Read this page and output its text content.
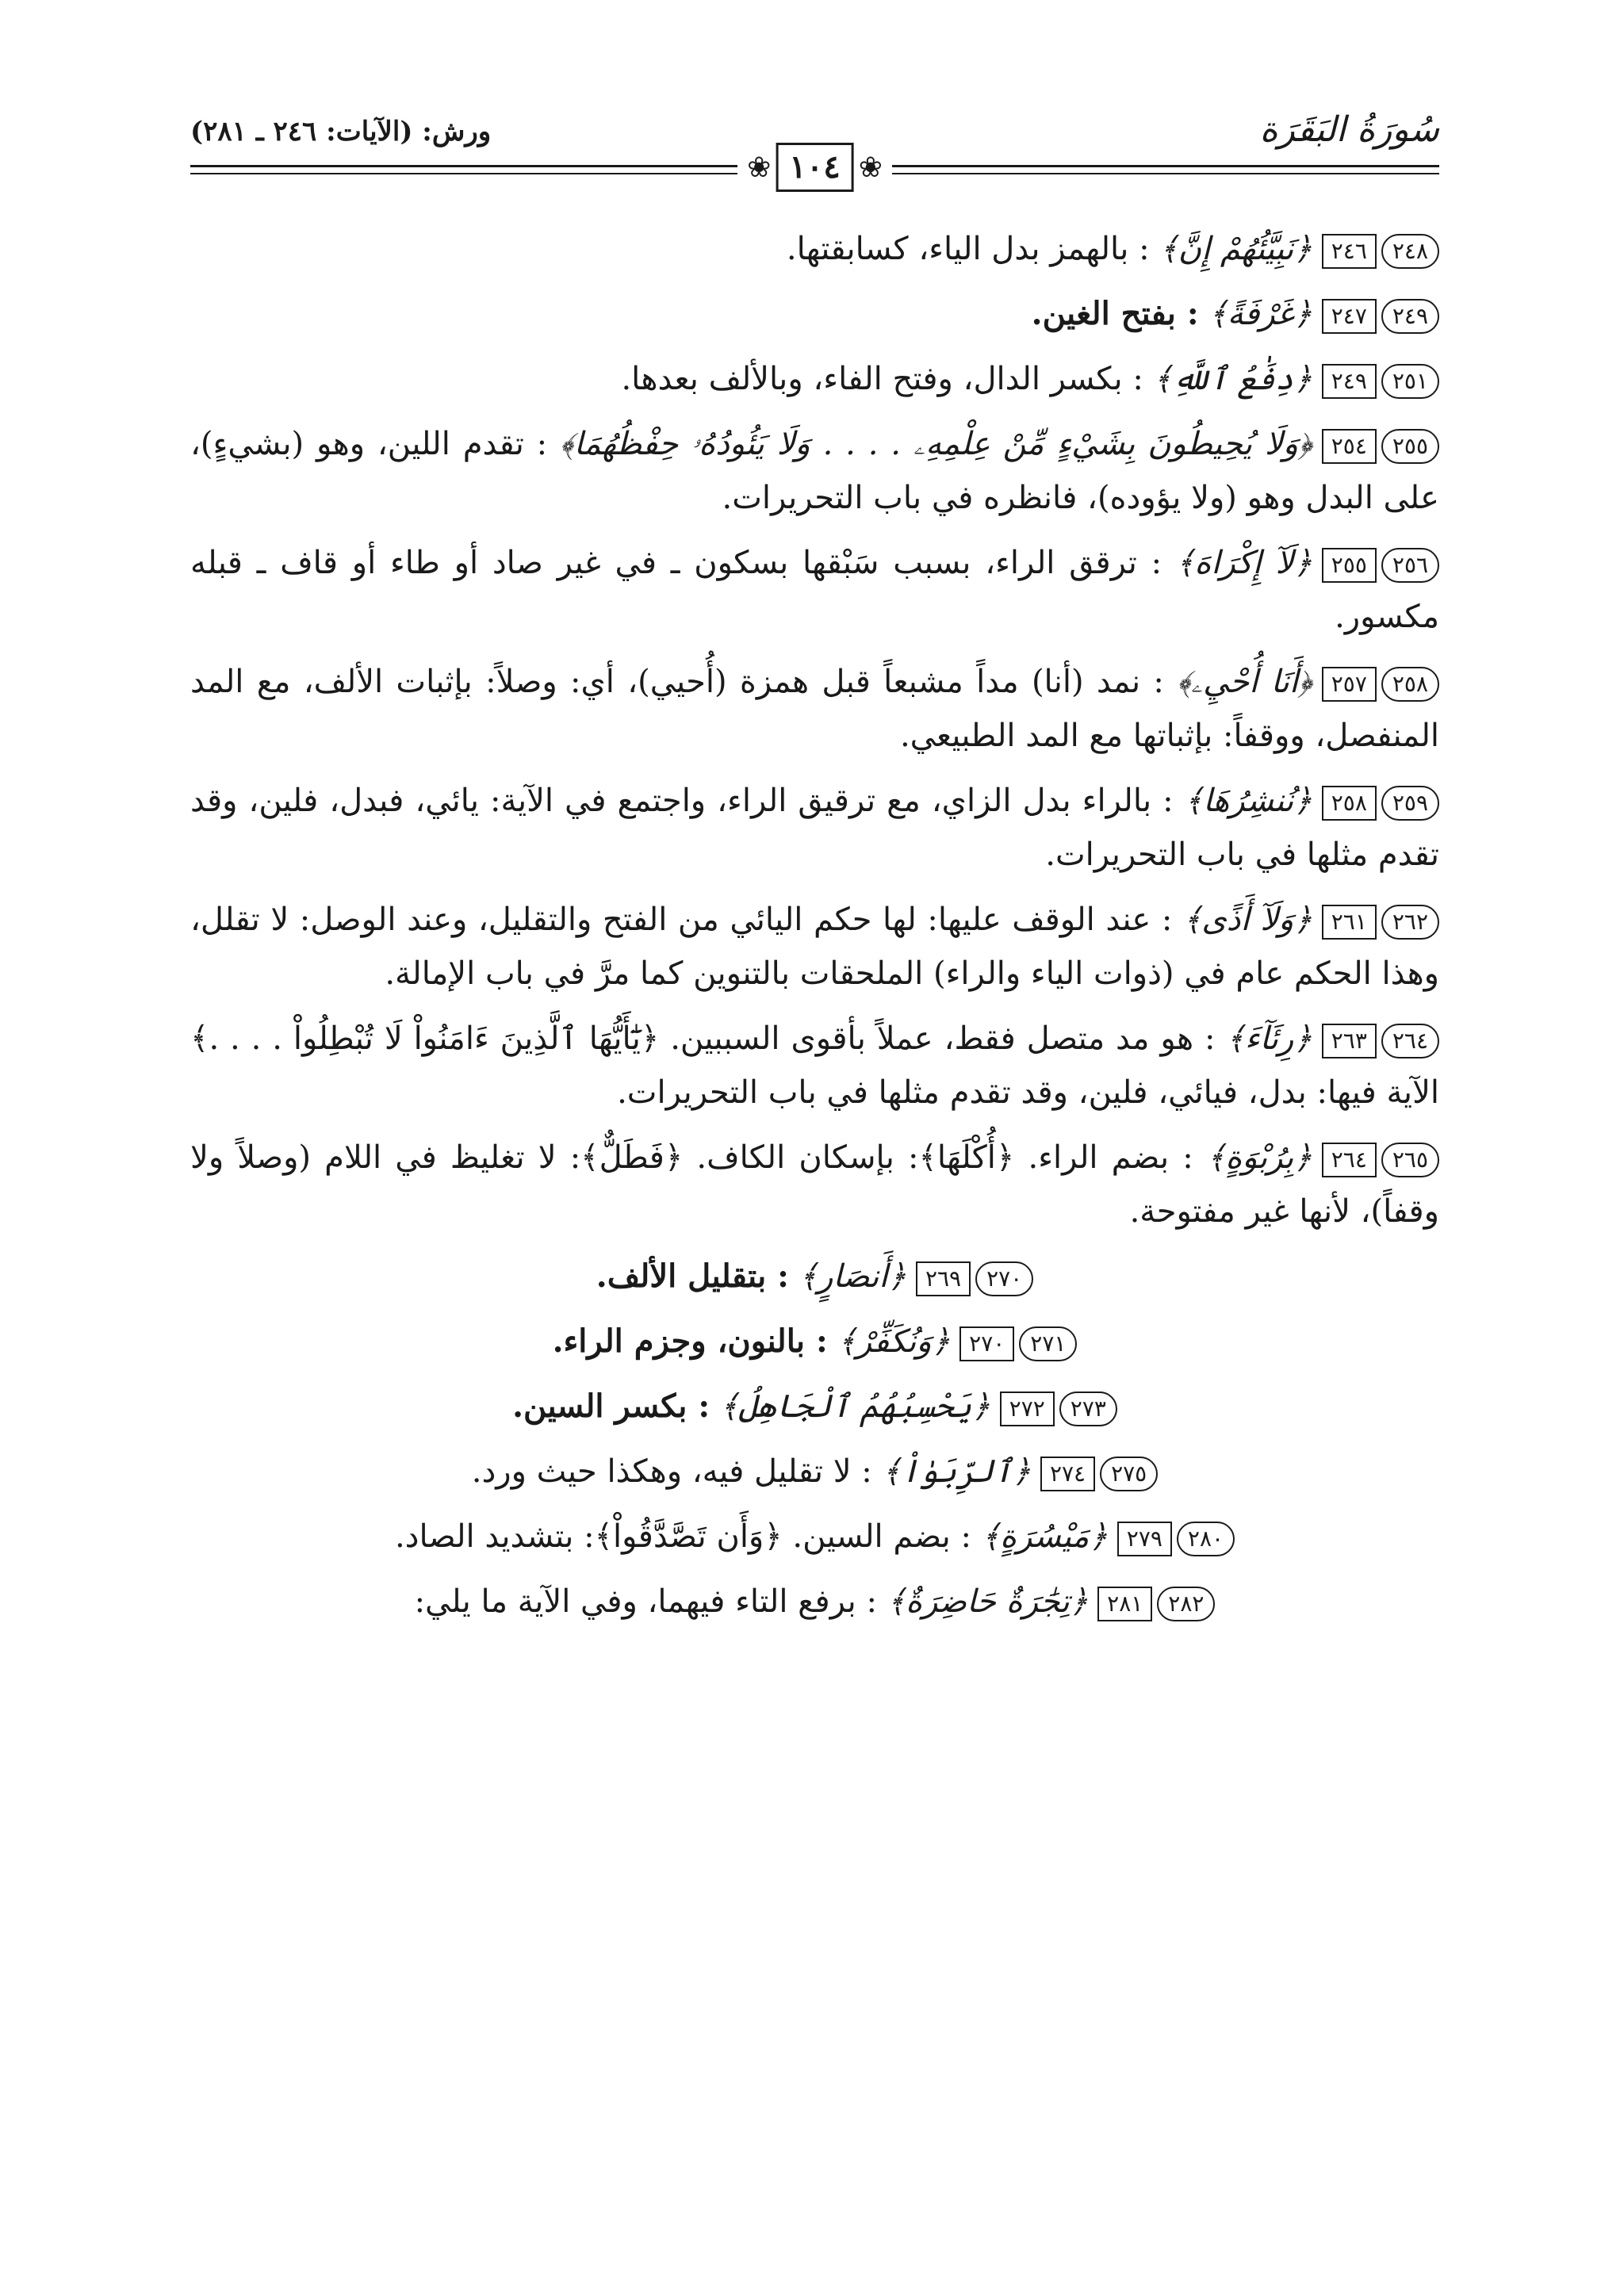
سُورَةُ البَقَرَة
ورش: (الآيات: ٢٤٦ ـ ٢٨١)
❀ ١٠٤ ❀

٢٤٨٢٤٦﴿نَبِيَّئُهُمْ إِنَّ﴾ : بالهمز بدل الياء، كسابقتها.

٢٤٩٢٤٧﴿غَرْفَةً﴾ : بفتح الغين.

٢٥١٢٤٩﴿دِفَٰعُ ٱللَّهِ﴾ : بكسر الدال، وفتح الفاء، وبالألف بعدها.

٢٥٥٢٥٤﴿وَلَا يُحِيطُونَ بِشَيْءٍ مِّنْ عِلْمِهِۦ . . . . وَلَا يَئُودُهُۥ حِفْظُهُمَا﴾ : تقدم اللين، وهو (بشيءٍ)، على البدل وهو (ولا يؤوده)، فانظره في باب التحريرات.

٢٥٦٢٥٥﴿لَآ إِكْرَاهَ﴾ : ترقق الراء، بسبب سَبْقها بسكون ـ في غير صاد أو طاء أو قاف ـ قبله مكسور.

٢٥٨٢٥٧﴿أَنَا أُحْيِۦ﴾ : نمد (أنا) مداً مشبعاً قبل همزة (أُحيي)، أي: وصلاً: بإثبات الألف، مع المد المنفصل، ووقفاً: بإثباتها مع المد الطبيعي.

٢٥٩٢٥٨﴿نُنشِرُهَا﴾ : بالراء بدل الزاي، مع ترقيق الراء، واجتمع في الآية: يائي، فبدل، فلين، وقد تقدم مثلها في باب التحريرات.

٢٦٢٢٦١﴿وَلَآ أَذًى﴾ : عند الوقف عليها: لها حكم اليائي من الفتح والتقليل، وعند الوصل: لا تقلل، وهذا الحكم عام في (ذوات الياء والراء) الملحقات بالتنوين كما مرَّ في باب الإمالة.

٢٦٤٢٦٣﴿رِئَآءَ﴾ : هو مد متصل فقط، عملاً بأقوى السببين. ﴿يَٰٓأَيُّهَا ٱلَّذِينَ ءَامَنُواْ لَا تُبْطِلُواْ . . . .﴾ الآية فيها: بدل، فيائي، فلين، وقد تقدم مثلها في باب التحريرات.

٢٦٥٢٦٤﴿بِرُبْوَةٍ﴾ : بضم الراء. ﴿أُكْلَهَا﴾: بإسكان الكاف. ﴿فَطَلٌّ﴾: لا تغليظ في اللام (وصلاً ولا وقفاً)، لأنها غير مفتوحة.

٢٧٠٢٦٩﴿أَنصَارٍ﴾ : بتقليل الألف.

٢٧١٢٧٠﴿وَنُكَفِّرْ﴾ : بالنون، وجزم الراء.

٢٧٣٢٧٢﴿يَحْسِبُهُمُ ٱلْجَاهِلُ﴾ : بكسر السين.

٢٧٥٢٧٤﴿ٱلرِّبَوٰاْ﴾ : لا تقليل فيه، وهكذا حيث ورد.

٢٨٠٢٧٩﴿مَيْسُرَةٍ﴾ : بضم السين. ﴿وَأَن تَصَّدَّقُواْ﴾: بتشديد الصاد.

٢٨٢٢٨١﴿تِجَٰرَةٌ حَاضِرَةٌ﴾ : برفع التاء فيهما، وفي الآية ما يلي:
